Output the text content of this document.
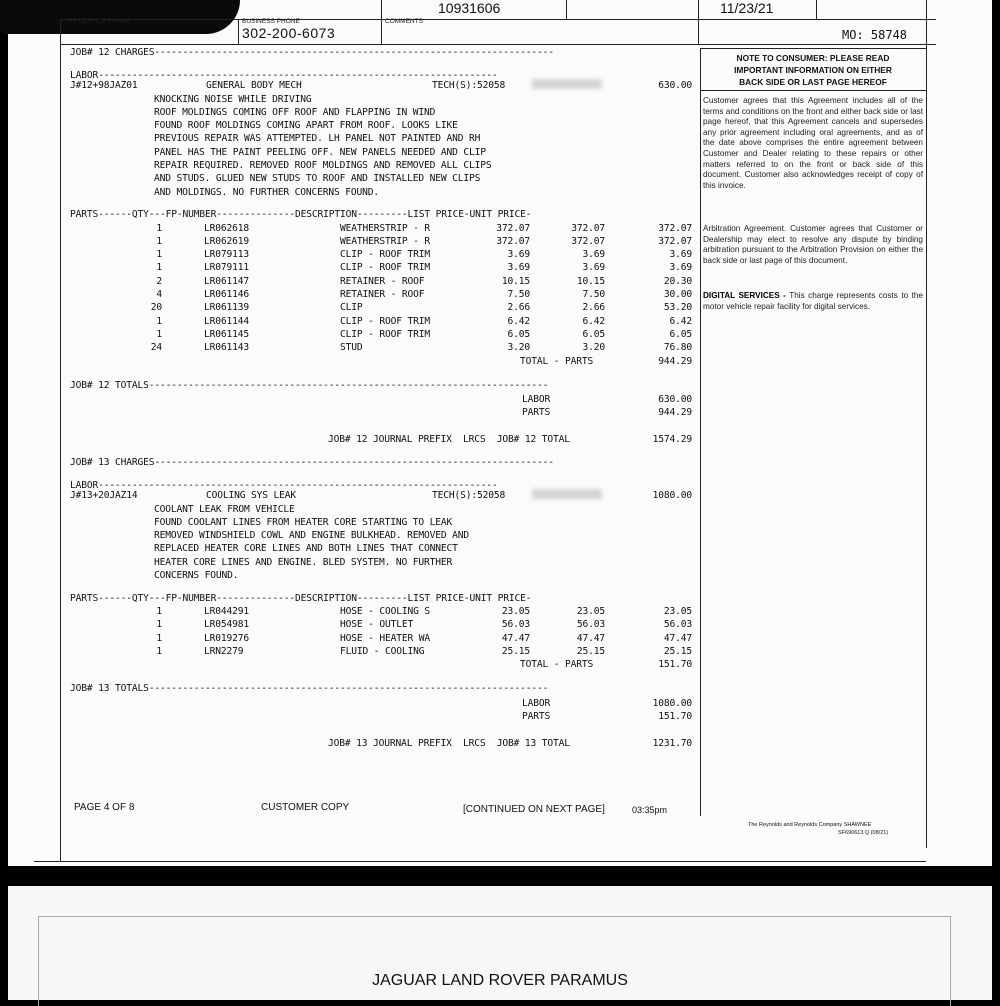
RESIDENCE PHONE	BUSINESS PHONE
302-200-6073
COMMENTS
10931606	11/23/21
MO: 58748
NOTE TO CONSUMER: PLEASE READ
IMPORTANT INFORMATION ON EITHER
BACK SIDE OR LAST PAGE HEREOF
Customer agrees that this Agreement includes all of the terms and conditions on the front and either back side or last page hereof, that this Agreement cancels and supersedes any prior agreement including oral agreements, and as of the date above comprises the entire agreement between Customer and Dealer relating to these repairs or other matters referred to on the front or back side of this document. Customer also acknowledges receipt of copy of this invoice.
Arbitration Agreement. Customer agrees that Customer or Dealership may elect to resolve any dispute by binding arbitration pursuant to the Arbitration Provision on either the back side or last page of this document.
DIGITAL SERVICES - This charge represents costs to the motor vehicle repair facility for digital services.
JOB# 12 CHARGES-----------------------------------------------------------------------
LABOR-----------------------------------------------------------------------
J#12+98JAZ01	GENERAL BODY MECH	TECH(S):52058	630.00
KNOCKING NOISE WHILE DRIVING
ROOF MOLDINGS COMING OFF ROOF AND FLAPPING IN WIND
FOUND ROOF MOLDINGS COMING APART FROM ROOF. LOOKS LIKE
PREVIOUS REPAIR WAS ATTEMPTED. LH PANEL NOT PAINTED AND RH
PANEL HAS THE PAINT PEELING OFF. NEW PANELS NEEDED AND CLIP
REPAIR REQUIRED. REMOVED ROOF MOLDINGS AND REMOVED ALL CLIPS
AND STUDS. GLUED NEW STUDS TO ROOF AND INSTALLED NEW CLIPS
AND MOLDINGS. NO FURTHER CONCERNS FOUND.
PARTS------QTY---FP-NUMBER--------------DESCRIPTION---------LIST PRICE-UNIT PRICE-
1	LR062618	WEATHERSTRIP - R	372.07	372.07	372.07
1	LR062619	WEATHERSTRIP - R	372.07	372.07	372.07
1	LR079113	CLIP - ROOF TRIM	3.69	3.69	3.69
1	LR079111	CLIP - ROOF TRIM	3.69	3.69	3.69
2	LR061147	RETAINER - ROOF	10.15	10.15	20.30
4	LR061146	RETAINER - ROOF	7.50	7.50	30.00
20	LR061139	CLIP	2.66	2.66	53.20
1	LR061144	CLIP - ROOF TRIM	6.42	6.42	6.42
1	LR061145	CLIP - ROOF TRIM	6.05	6.05	6.05
24	LR061143	STUD	3.20	3.20	76.80
TOTAL - PARTS	944.29
JOB# 12 TOTALS-----------------------------------------------------------------------
LABOR	630.00
PARTS	944.29
JOB# 12 JOURNAL PREFIX  LRCS  JOB# 12 TOTAL	1574.29
JOB# 13 CHARGES-----------------------------------------------------------------------
LABOR-----------------------------------------------------------------------
J#13+20JAZ14	COOLING SYS LEAK	TECH(S):52058	1080.00
COOLANT LEAK FROM VEHICLE
FOUND COOLANT LINES FROM HEATER CORE STARTING TO LEAK
REMOVED WINDSHIELD COWL AND ENGINE BULKHEAD. REMOVED AND
REPLACED HEATER CORE LINES AND BOTH LINES THAT CONNECT
HEATER CORE LINES AND ENGINE. BLED SYSTEM. NO FURTHER
CONCERNS FOUND.
PARTS------QTY---FP-NUMBER--------------DESCRIPTION---------LIST PRICE-UNIT PRICE-
1	LR044291	HOSE - COOLING S	23.05	23.05	23.05
1	LR054981	HOSE - OUTLET	56.03	56.03	56.03
1	LR019276	HOSE - HEATER WA	47.47	47.47	47.47
1	LRN2279	FLUID - COOLING	25.15	25.15	25.15
TOTAL - PARTS	151.70
JOB# 13 TOTALS-----------------------------------------------------------------------
LABOR	1080.00
PARTS	151.70
JOB# 13 JOURNAL PREFIX  LRCS  JOB# 13 TOTAL	1231.70
PAGE 4 OF 8	CUSTOMER COPY	[CONTINUED ON NEXT PAGE]	03:35pm
The Reynolds and Reynolds Company SHAWNEE
SF690613 Q (08/21)
JAGUAR LAND ROVER PARAMUS
